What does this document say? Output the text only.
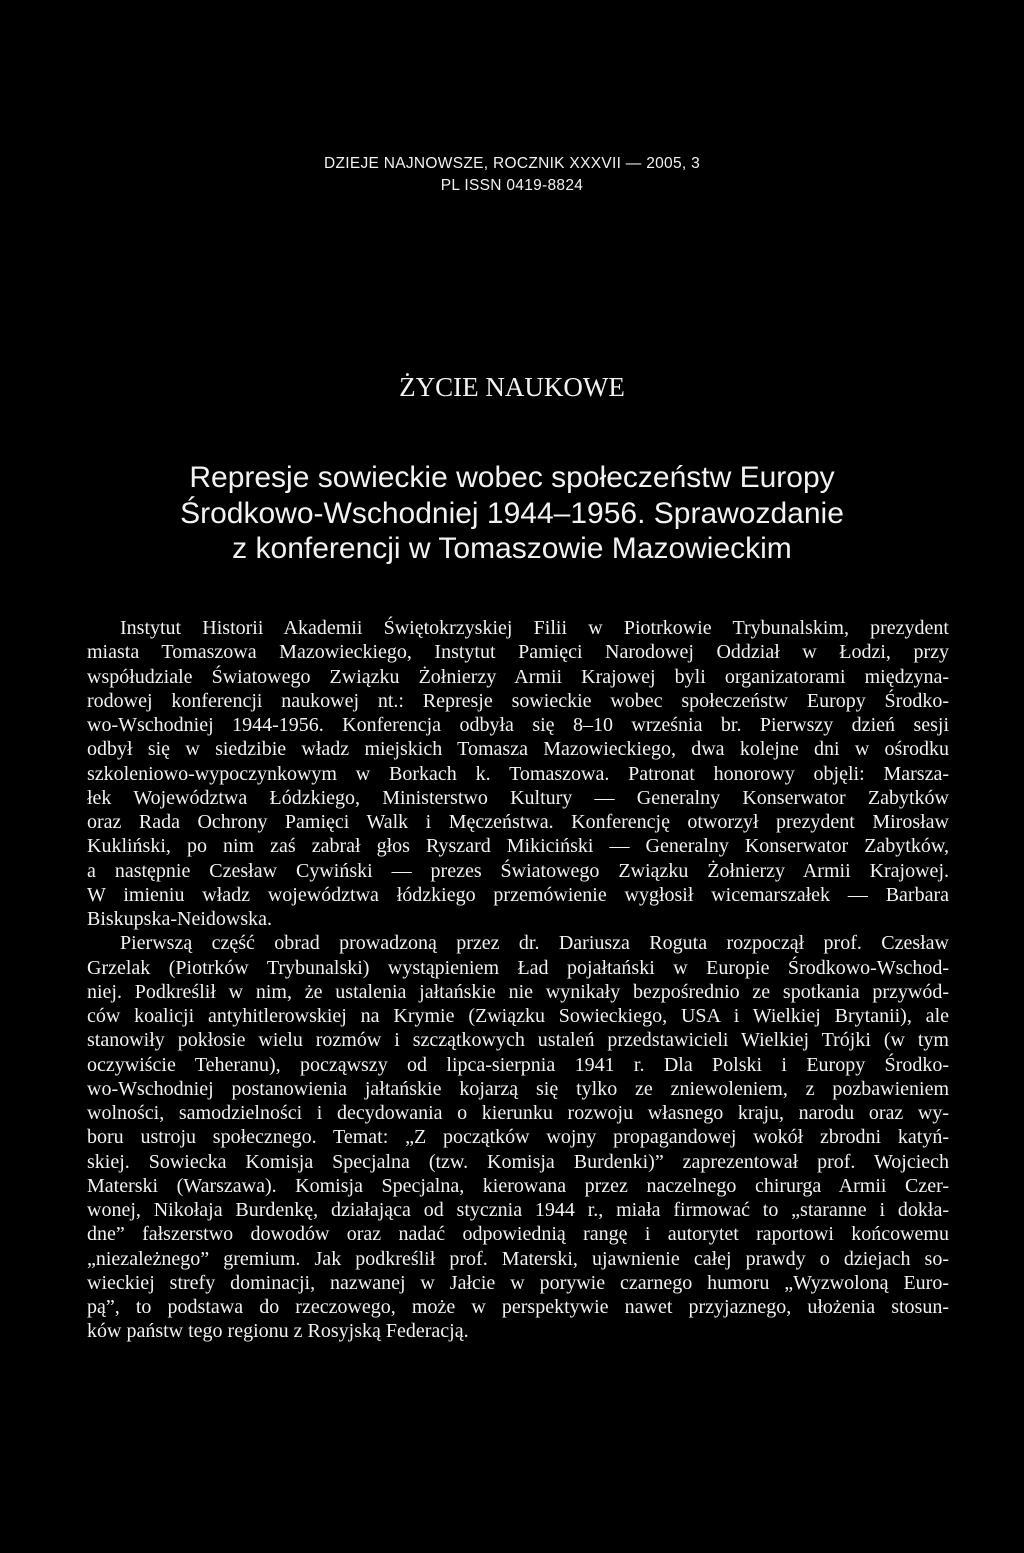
DZIEJE NAJNOWSZE, ROCZNIK XXXVII — 2005, 3
PL ISSN 0419-8824
ŻYCIE NAUKOWE
Represje sowieckie wobec społeczeństw Europy
Środkowo-Wschodniej 1944–1956. Sprawozdanie
z konferencji w Tomaszowie Mazowieckim
Instytut Historii Akademii Świętokrzyskiej Filii w Piotrkowie Trybunalskim, prezydent
miasta Tomaszowa Mazowieckiego, Instytut Pamięci Narodowej Oddział w Łodzi, przy
współudziale Światowego Związku Żołnierzy Armii Krajowej byli organizatorami międzyna-
rodowej konferencji naukowej nt.: Represje sowieckie wobec społeczeństw Europy Środko-
wo-Wschodniej 1944-1956. Konferencja odbyła się 8–10 września br. Pierwszy dzień sesji
odbył się w siedzibie władz miejskich Tomasza Mazowieckiego, dwa kolejne dni w ośrodku
szkoleniowo-wypoczynkowym w Borkach k. Tomaszowa. Patronat honorowy objęli: Marsza-
łek Województwa Łódzkiego, Ministerstwo Kultury — Generalny Konserwator Zabytków
oraz Rada Ochrony Pamięci Walk i Męczeństwa. Konferencję otworzył prezydent Mirosław
Kukliński, po nim zaś zabrał głos Ryszard Mikiciński — Generalny Konserwator Zabytków,
a następnie Czesław Cywiński — prezes Światowego Związku Żołnierzy Armii Krajowej.
W imieniu władz województwa łódzkiego przemówienie wygłosił wicemarszałek — Barbara
Biskupska-Neidowska.
Pierwszą część obrad prowadzoną przez dr. Dariusza Roguta rozpoczął prof. Czesław
Grzelak (Piotrków Trybunalski) wystąpieniem Ład pojałtański w Europie Środkowo-Wschod-
niej. Podkreślił w nim, że ustalenia jałtańskie nie wynikały bezpośrednio ze spotkania przywód-
ców koalicji antyhitlerowskiej na Krymie (Związku Sowieckiego, USA i Wielkiej Brytanii), ale
stanowiły pokłosie wielu rozmów i szczątkowych ustaleń przedstawicieli Wielkiej Trójki (w tym
oczywiście Teheranu), począwszy od lipca-sierpnia 1941 r. Dla Polski i Europy Środko-
wo-Wschodniej postanowienia jałtańskie kojarzą się tylko ze zniewoleniem, z pozbawieniem
wolności, samodzielności i decydowania o kierunku rozwoju własnego kraju, narodu oraz wy-
boru ustroju społecznego. Temat: „Z początków wojny propagandowej wokół zbrodni katyń-
skiej. Sowiecka Komisja Specjalna (tzw. Komisja Burdenki)” zaprezentował prof. Wojciech
Materski (Warszawa). Komisja Specjalna, kierowana przez naczelnego chirurga Armii Czer-
wonej, Nikołaja Burdenkę, działająca od stycznia 1944 r., miała firmować to „staranne i dokła-
dne” fałszerstwo dowodów oraz nadać odpowiednią rangę i autorytet raportowi końcowemu
„niezależnego” gremium. Jak podkreślił prof. Materski, ujawnienie całej prawdy o dziejach so-
wieckiej strefy dominacji, nazwanej w Jałcie w porywie czarnego humoru „Wyzwoloną Euro-
pą”, to podstawa do rzeczowego, może w perspektywie nawet przyjaznego, ułożenia stosun-
ków państw tego regionu z Rosyjską Federacją.
